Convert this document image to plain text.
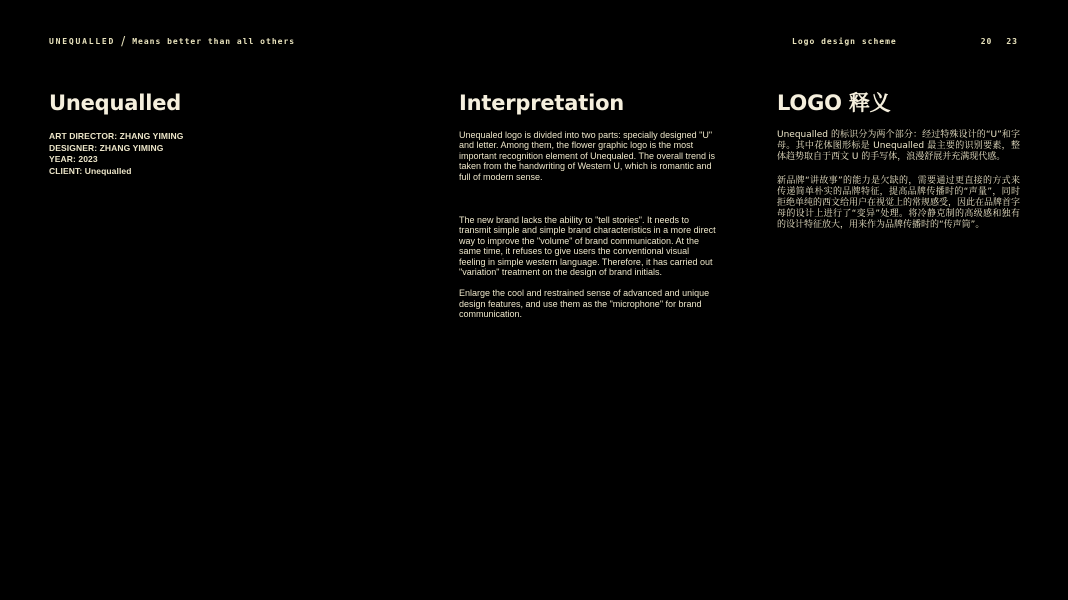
UNEQUALLED / Means better than all others	Logo design scheme	20 23
Unequalled
ART DIRECTOR: ZHANG YIMING
DESIGNER: ZHANG YIMING
YEAR: 2023
CLIENT: Unequalled
Interpretation

Unequaled logo is divided into two parts: specially designed "U" and letter. Among them, the flower graphic logo is the most important recognition element of Unequaled. The overall trend is taken from the handwriting of Western U, which is romantic and full of modern sense.

The new brand lacks the ability to "tell stories". It needs to transmit simple and simple brand characteristics in a more direct way to improve the "volume" of brand communication. At the same time, it refuses to give users the conventional visual feeling in simple western language. Therefore, it has carried out "variation" treatment on the design of brand initials.

Enlarge the cool and restrained sense of advanced and unique design features, and use them as the "microphone" for brand communication.

LOGO 释义

Unequalled 的标识分为两个部分：经过特殊设计的“U”和字母。其中花体图形标是 Unequalled 最主要的识别要素，整体趋势取自于西文 U 的手写体，浪漫舒展并充满现代感。

新品牌“讲故事”的能力是欠缺的，需要通过更直接的方式来传递简单朴实的品牌特征，提高品牌传播时的“声量”，同时拒绝单纯的西文给用户在视觉上的常规感受，因此在品牌首字母的设计上进行了“变异”处理。将冷静克制的高级感和独有的设计特征放大，用来作为品牌传播时的“传声筒”。
